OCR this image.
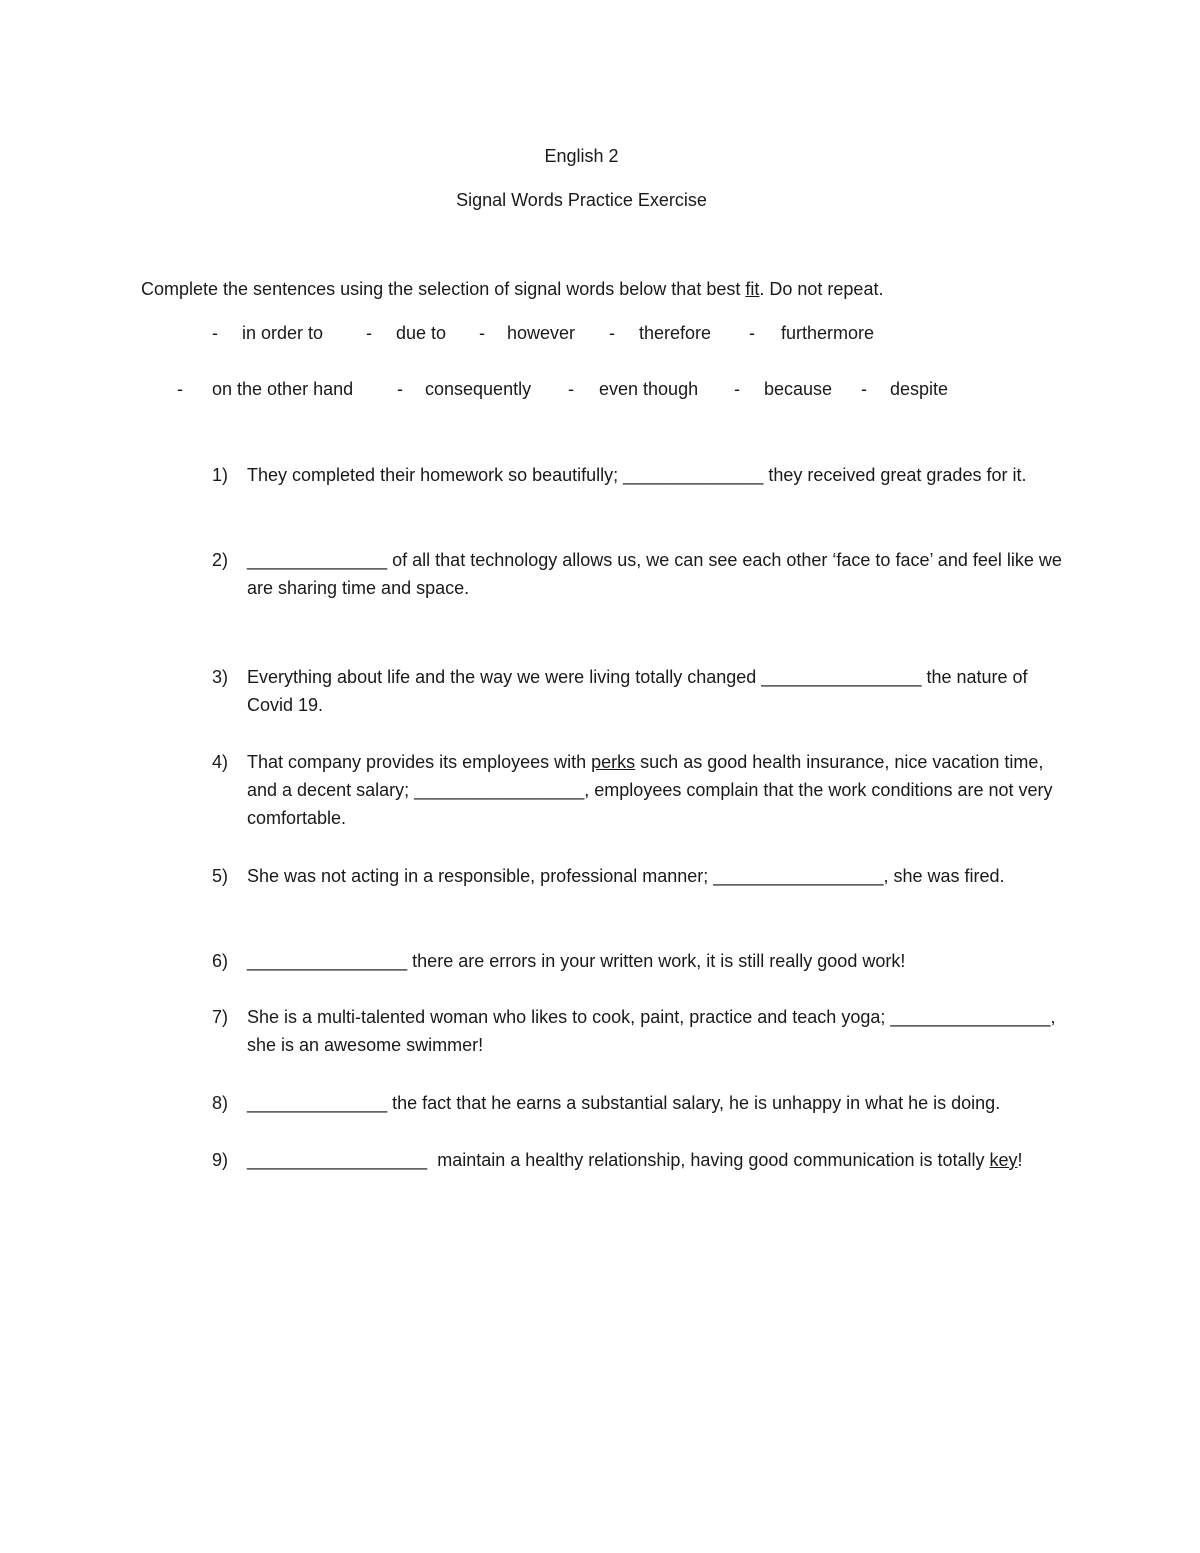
English 2
Signal Words Practice Exercise

Complete the sentences using the selection of signal words below that best fit. Do not repeat.

- in order to - due to - however - therefore - furthermore
- on the other hand - consequently - even though - because - despite
1) They completed their homework so beautifully; ______________ they received great grades for it.

2) ______________ of all that technology allows us, we can see each other ‘face to face’ and feel like we are sharing time and space.

3) Everything about life and the way we were living totally changed ________________ the nature of Covid 19.

4) That company provides its employees with perks such as good health insurance, nice vacation time, and a decent salary; _________________, employees complain that the work conditions are not very comfortable.

5) She was not acting in a responsible, professional manner; _________________, she was fired.

6) ________________ there are errors in your written work, it is still really good work!

7) She is a multi-talented woman who likes to cook, paint, practice and teach yoga; ________________, she is an awesome swimmer!

8) ______________ the fact that he earns a substantial salary, he is unhappy in what he is doing.

9) __________________  maintain a healthy relationship, having good communication is totally key!
